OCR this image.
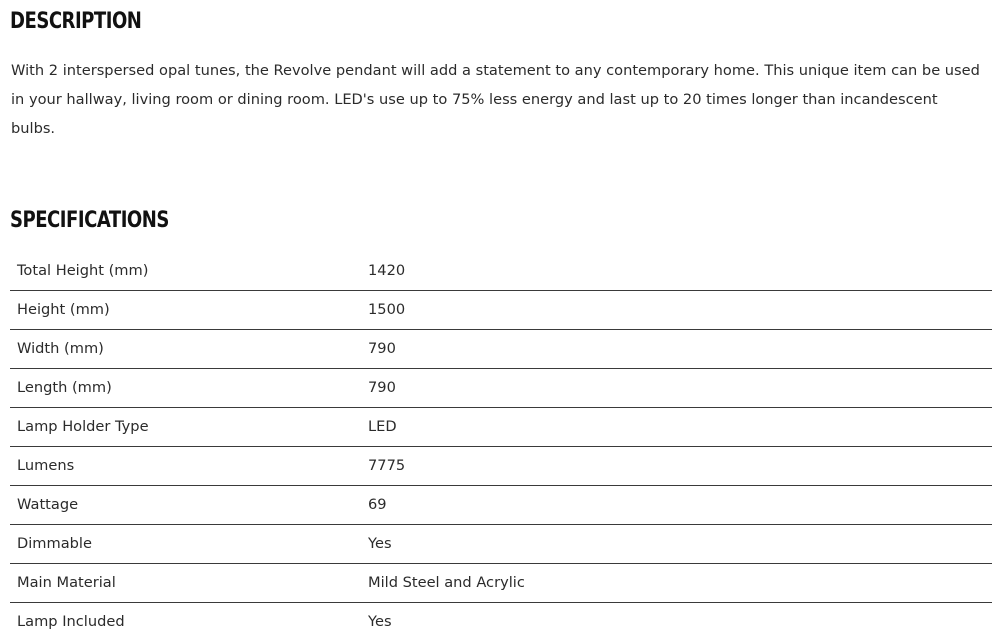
DESCRIPTION

With 2 interspersed opal tunes, the Revolve pendant will add a statement to any contemporary home. This unique item can be used in your hallway, living room or dining room. LED's use up to 75% less energy and last up to 20 times longer than incandescent bulbs.

SPECIFICATIONS
Total Height (mm)	1420
Height (mm)	1500
Width (mm)	790
Length (mm)	790
Lamp Holder Type	LED
Lumens	7775
Wattage	69
Dimmable	Yes
Main Material	Mild Steel and Acrylic
Lamp Included	Yes
